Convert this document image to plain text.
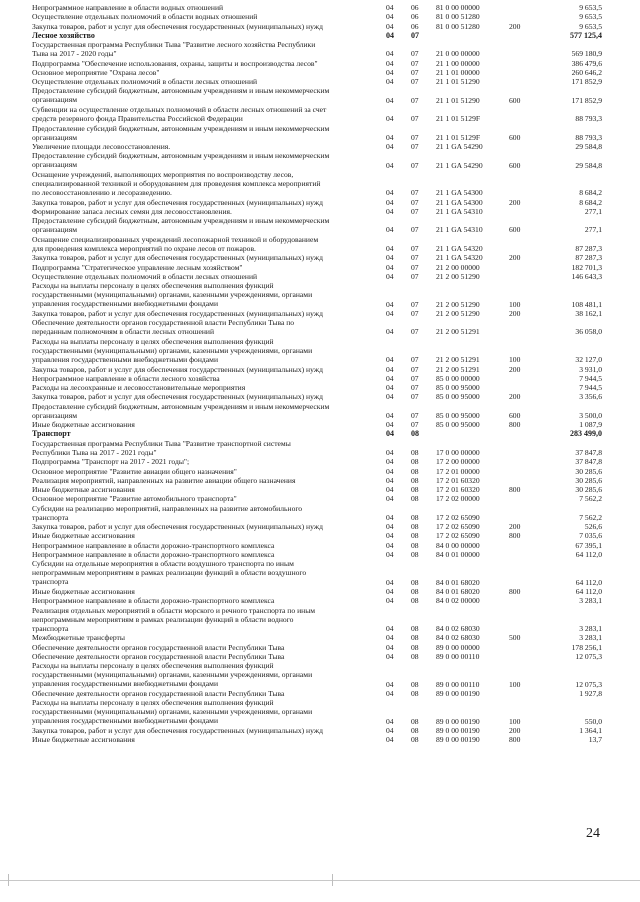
Непрограммное направление в области водных отношений	04	06	81 0 00 00000	9 653,5
Осуществление отдельных полномочий в области водных отношений	04	06	81 0 00 51280	9 653,5
Закупка товаров, работ и услуг для обеспечения государственных (муниципальных) нужд	04	06	81 0 00 51280	200	9 653,5
Лесное хозяйство	04	07	577 125,4
Государственная программа Республики Тыва "Развитие лесного хозяйства Республики
Тыва на 2017 - 2020 годы"	04	07	21 0 00 00000	569 180,9
Подпрограмма "Обеспечение использования, охраны, защиты и воспроизводства лесов"	04	07	21 1 00 00000	386 479,6
Основное мероприятие "Охрана лесов"	04	07	21 1 01 00000	260 646,2
Осуществление отдельных полномочий в области лесных отношений	04	07	21 1 01 51290	171 852,9
Предоставление субсидий бюджетным, автономным учреждениям и иным некоммерческим
организациям	04	07	21 1 01 51290	600	171 852,9
Субвенции на осуществление отдельных полномочий в области лесных отношений за счет
средств резервного фонда Правительства Российской Федерации	04	07	21 1 01 5129F	88 793,3
Предоставление субсидий бюджетным, автономным учреждениям и иным некоммерческим
организациям	04	07	21 1 01 5129F	600	88 793,3
Увеличение площади лесовосстановления.	04	07	21 1 GA 54290	29 584,8
Предоставление субсидий бюджетным, автономным учреждениям и иным некоммерческим
организациям	04	07	21 1 GA 54290	600	29 584,8
Оснащение учреждений, выполняющих мероприятия по воспроизводству лесов,
специализированной техникой и оборудованием для проведения комплекса мероприятий
по лесовосстановлению и лесоразведению.	04	07	21 1 GA 54300	8 684,2
Закупка товаров, работ и услуг для обеспечения государственных (муниципальных) нужд	04	07	21 1 GA 54300	200	8 684,2
Формирование запаса лесных семян для лесовосстановления.	04	07	21 1 GA 54310	277,1
Предоставление субсидий бюджетным, автономным учреждениям и иным некоммерческим
организациям	04	07	21 1 GA 54310	600	277,1
Оснащение специализированных учреждений лесопожарной техникой и оборудованием
для проведения комплекса мероприятий по охране лесов от пожаров.	04	07	21 1 GA 54320	87 287,3
Закупка товаров, работ и услуг для обеспечения государственных (муниципальных) нужд	04	07	21 1 GA 54320	200	87 287,3
Подпрограмма "Стратегическое управление лесным хозяйством"	04	07	21 2 00 00000	182 701,3
Осуществление отдельных полномочий в области лесных отношений	04	07	21 2 00 51290	146 643,3
Расходы на выплаты персоналу в целях обеспечения выполнения функций
государственными (муниципальными) органами, казенными учреждениями, органами
управления государственными внебюджетными фондами	04	07	21 2 00 51290	100	108 481,1
Закупка товаров, работ и услуг для обеспечения государственных (муниципальных) нужд	04	07	21 2 00 51290	200	38 162,1
Обеспечение деятельности органов государственной власти Республики Тыва по
переданным полномочиям в области лесных отношений	04	07	21 2 00 51291	36 058,0
Расходы на выплаты персоналу в целях обеспечения выполнения функций
государственными (муниципальными) органами, казенными учреждениями, органами
управления государственными внебюджетными фондами	04	07	21 2 00 51291	100	32 127,0
Закупка товаров, работ и услуг для обеспечения государственных (муниципальных) нужд	04	07	21 2 00 51291	200	3 931,0
Непрограммное направление в области лесного хозяйства	04	07	85 0 00 00000	7 944,5
Расходы на лесоохранные и лесовосстановительные мероприятия	04	07	85 0 00 95000	7 944,5
Закупка товаров, работ и услуг для обеспечения государственных (муниципальных) нужд	04	07	85 0 00 95000	200	3 356,6
Предоставление субсидий бюджетным, автономным учреждениям и иным некоммерческим
организациям	04	07	85 0 00 95000	600	3 500,0
Иные бюджетные ассигнования	04	07	85 0 00 95000	800	1 087,9
Транспорт	04	08	283 499,0
Государственная программа Республики Тыва "Развитие транспортной системы
Республики Тыва на 2017 - 2021 годы"	04	08	17 0 00 00000	37 847,8
Подпрограмма "Транспорт на 2017 - 2021 годы";	04	08	17 2 00 00000	37 847,8
Основное мероприятие "Развитие авиации общего назначения"	04	08	17 2 01 00000	30 285,6
Реализация мероприятий, направленных на развитие авиации общего назначения	04	08	17 2 01 60320	30 285,6
Иные бюджетные ассигнования	04	08	17 2 01 60320	800	30 285,6
Основное мероприятие "Развитие автомобильного транспорта"	04	08	17 2 02 00000	7 562,2
Субсидии на реализацию мероприятий, направленных на развитие автомобильного
транспорта	04	08	17 2 02 65090	7 562,2
Закупка товаров, работ и услуг для обеспечения государственных (муниципальных) нужд	04	08	17 2 02 65090	200	526,6
Иные бюджетные ассигнования	04	08	17 2 02 65090	800	7 035,6
Непрограммное направление в области дорожно-транспортного комплекса	04	08	84 0 00 00000	67 395,1
Непрограммное направление в области дорожно-транспортного комплекса	04	08	84 0 01 00000	64 112,0
Субсидии на отдельные мероприятия в области воздушного транспорта по иным
непрограммным мероприятиям в рамках реализации функций в области воздушного
транспорта	04	08	84 0 01 68020	64 112,0
Иные бюджетные ассигнования	04	08	84 0 01 68020	800	64 112,0
Непрограммное направление в области дорожно-транспортного комплекса	04	08	84 0 02 00000	3 283,1
Реализация отдельных мероприятий в области морского и речного транспорта по иным
непрограммным мероприятиям в рамках реализации функций в области водного
транспорта	04	08	84 0 02 68030	3 283,1
Межбюджетные трансферты	04	08	84 0 02 68030	500	3 283,1
Обеспечение деятельности органов государственной власти Республики Тыва	04	08	89 0 00 00000	178 256,1
Обеспечение деятельности органов государственной власти Республики Тыва	04	08	89 0 00 00110	12 075,3
Расходы на выплаты персоналу в целях обеспечения выполнения функций
государственными (муниципальными) органами, казенными учреждениями, органами
управления государственными внебюджетными фондами	04	08	89 0 00 00110	100	12 075,3
Обеспечение деятельности органов государственной власти Республики Тыва	04	08	89 0 00 00190	1 927,8
Расходы на выплаты персоналу в целях обеспечения выполнения функций
государственными (муниципальными) органами, казенными учреждениями, органами
управления государственными внебюджетными фондами	04	08	89 0 00 00190	100	550,0
Закупка товаров, работ и услуг для обеспечения государственных (муниципальных) нужд	04	08	89 0 00 00190	200	1 364,1
Иные бюджетные ассигнования	04	08	89 0 00 00190	800	13,7
24
